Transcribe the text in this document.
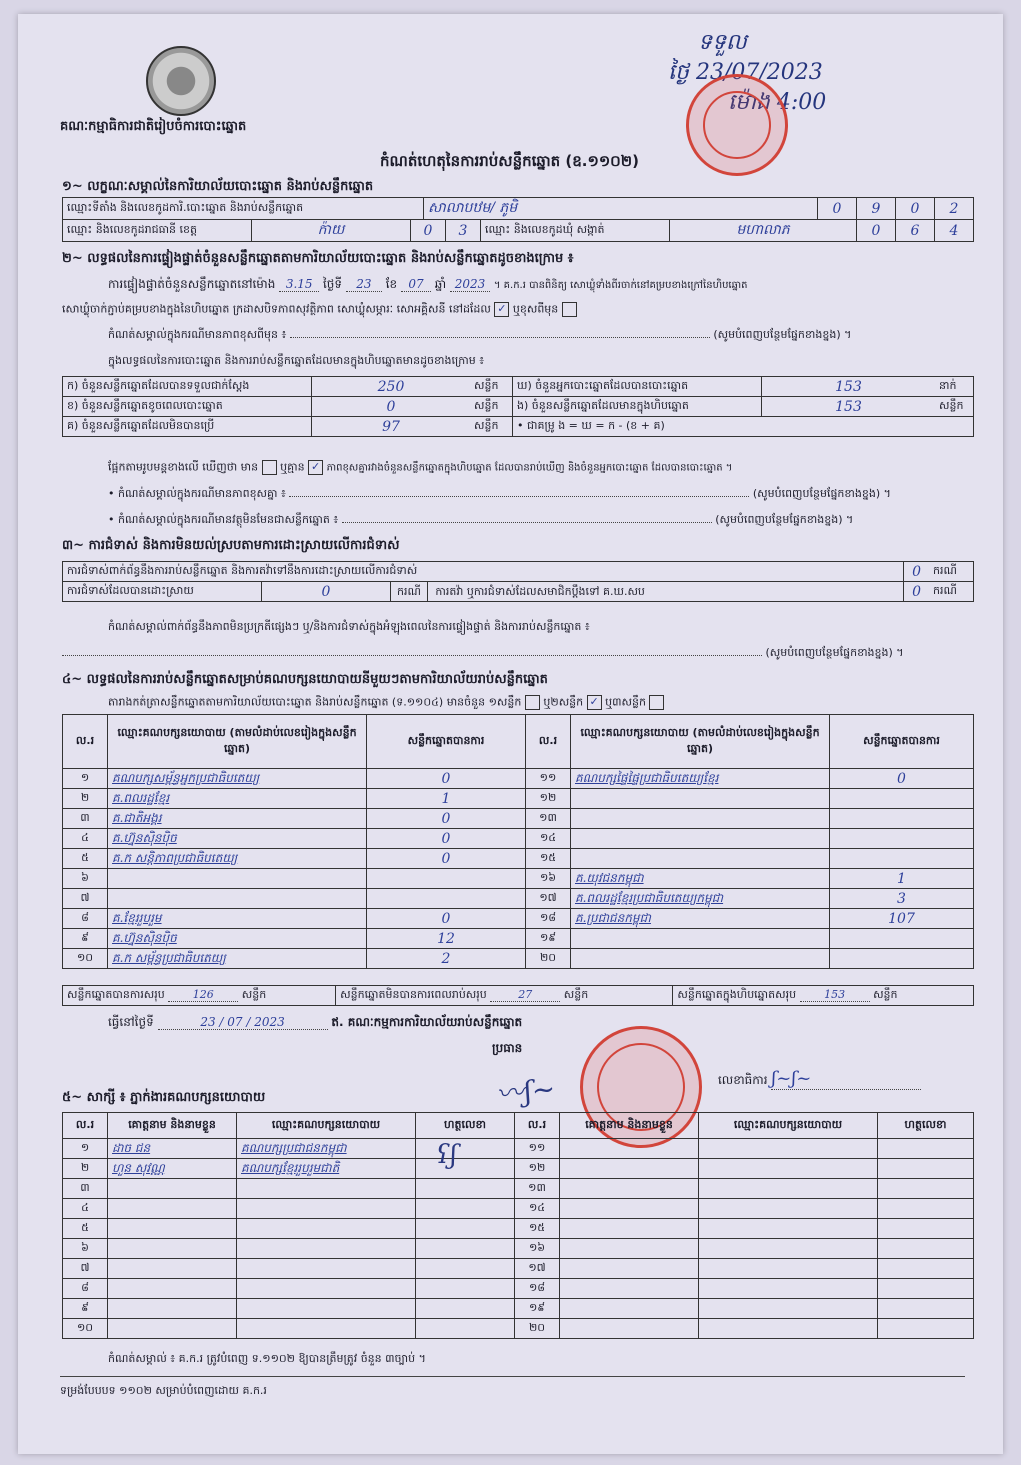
គណៈកម្មាធិការជាតិរៀបចំការបោះឆ្នោត
ទទួល
ថ្ងៃ 23/07/2023
ម៉ោង 4:00
កំណត់ហេតុនៃការរាប់សន្លឹកឆ្នោត (ឧ.១១០២)
១~ លក្ខណៈសម្គាល់នៃការិយាល័យបោះឆ្នោត និងរាប់សន្លឹកឆ្នោត
ឈ្មោះទីតាំង និងលេខកូដការិ.បោះឆ្នោត និងរាប់សន្លឹកឆ្នោត	សាលាបឋម/ ភូមិ	0	9	0	2
ឈ្មោះ និងលេខកូដរាជធានី ខេត្ត	ក៉ាយ	0	3	ឈ្មោះ និងលេខកូដឃុំ សង្កាត់	មហាលាភ	0	6	4
២~ លទ្ធផលនៃការផ្ទៀងផ្ទាត់ចំនួនសន្លឹកឆ្នោតតាមការិយាល័យបោះឆ្នោត និងរាប់សន្លឹកឆ្នោតដូចខាងក្រោម ៖
ការផ្ទៀងផ្ទាត់ចំនួនសន្លឹកឆ្នោតនៅម៉ោង 3.15 ថ្ងៃទី 23 ខែ 07 ឆ្នាំ 2023 ។ គ.ក.រ បានពិនិត្យ សោឃ្លុំទាំងពីរចាក់នៅគម្របខាងក្រៅនៃហិបឆ្នោត
សោឃ្លុំចាក់ភ្ជាប់គម្របខាងក្នុងនៃហិបឆ្នោត ក្រដាសបិទភាពសុវត្ថិភាព សោឃ្លុំសម្ភារៈ សោអគ្គិសនី នៅដដែល ✓ ឬខុសពីមុន
កំណត់សម្គាល់ក្នុងករណីមានភាពខុសពីមុន ៖	(សូមបំពេញបន្ថែមផ្នែកខាងខ្នង) ។
ក្នុងលទ្ធផលនៃការបោះឆ្នោត និងការរាប់សន្លឹកឆ្នោតដែលមានក្នុងហិបឆ្នោតមានដូចខាងក្រោម ៖
ក) ចំនួនសន្លឹកឆ្នោតដែលបានទទួលជាក់ស្តែង	250	សន្លឹក	ឃ) ចំនួនអ្នកបោះឆ្នោតដែលបានបោះឆ្នោត	153	នាក់
ខ) ចំនួនសន្លឹកឆ្នោតខូចពេលបោះឆ្នោត	0	សន្លឹក	ង) ចំនួនសន្លឹកឆ្នោតដែលមានក្នុងហិបឆ្នោត	153	សន្លឹក
គ) ចំនួនសន្លឹកឆ្នោតដែលមិនបានប្រើ	97	សន្លឹក	• ជាគម្រូ ង = ឃ = ក - (ខ + គ)		
ផ្អែកតាមរូបមន្តខាងលើ ឃើញថា មាន ឬគ្មាន ✓ ភាពខុសគ្នារវាងចំនួនសន្លឹកឆ្នោតក្នុងហិបឆ្នោត ដែលបានរាប់ឃើញ និងចំនួនអ្នកបោះឆ្នោត ដែលបានបោះឆ្នោត ។
• កំណត់សម្គាល់ក្នុងករណីមានភាពខុសគ្នា ៖	(សូមបំពេញបន្ថែមផ្នែកខាងខ្នង) ។
• កំណត់សម្គាល់ក្នុងករណីមានវត្ថុមិនមែនជាសន្លឹកឆ្នោត ៖	(សូមបំពេញបន្ថែមផ្នែកខាងខ្នង) ។
៣~ ការជំទាស់ និងការមិនយល់ស្របតាមការដោះស្រាយលើការជំទាស់
ការជំទាស់ពាក់ព័ន្ធនឹងការរាប់សន្លឹកឆ្នោត និងការតវ៉ាទៅនឹងការដោះស្រាយលើការជំទាស់			0	ករណី
ការជំទាស់ដែលបានដោះស្រាយ	0	ករណី ការតវ៉ា ឬការជំទាស់ដែលសមាជិកប្ដឹងទៅ គ.ឃ.សប	0	ករណី
កំណត់សម្គាល់ពាក់ព័ន្ធនឹងភាពមិនប្រក្រតីផ្សេងៗ ឬ/និងការជំទាស់ក្នុងអំឡុងពេលនៃការផ្ទៀងផ្ទាត់ និងការរាប់សន្លឹកឆ្នោត ៖
(សូមបំពេញបន្ថែមផ្នែកខាងខ្នង) ។
៤~ លទ្ធផលនៃការរាប់សន្លឹកឆ្នោតសម្រាប់គណបក្សនយោបាយនីមួយៗតាមការិយាល័យរាប់សន្លឹកឆ្នោត
តារាងកត់ត្រាសន្លឹកឆ្នោតតាមការិយាល័យបោះឆ្នោត និងរាប់សន្លឹកឆ្នោត (ទ.១១០៤) មានចំនួន ១សន្លឹក ឬ២សន្លឹក ✓ ឬ៣សន្លឹក
ល.រ	ឈ្មោះគណបក្សនយោបាយ (តាមលំដាប់លេខរៀងក្នុងសន្លឹកឆ្នោត)	សន្លឹកឆ្នោតបានការ	ល.រ	ឈ្មោះគណបក្សនយោបាយ (តាមលំដាប់លេខរៀងក្នុងសន្លឹកឆ្នោត)	សន្លឹកឆ្នោតបានការ
១	គណបក្សសម្ព័ន្ធអ្នកប្រជាធិបតេយ្យ	0	១១	គណបក្សផ្ទៃផ្ទៃប្រជាធិបតេយ្យខ្មែរ	0
២	គ.ពលរដ្ឋខ្មែរ	1	១២		
៣	គ.ជាតិអង្គរ	0	១៣		
៤	គ.ហ្វ៊ុនស៊ិនប៉ិច	0	១៤		
៥	គ.ក សន្តិភាពប្រជាធិបតេយ្យ	0	១៥		
៦			១៦	គ.យុវជនកម្ពុជា	1
៧			១៧	គ.ពលរដ្ឋខ្មែរប្រជាធិបតេយ្យកម្ពុជា	3
៨	គ.ខ្មែររួបរួម	0	១៨	គ.ប្រជាជនកម្ពុជា	107
៩	គ.ហ្វ៊ុនស៊ិនប៉ិច	12	១៩		
១០	គ.ក សម្ព័ន្ធប្រជាធិបតេយ្យ	2	២០		
សន្លឹកឆ្នោតបានការសរុប	126	សន្លឹក	សន្លឹកឆ្នោតមិនបានការពេលរាប់សរុប	27	សន្លឹក	សន្លឹកឆ្នោតក្នុងហិបឆ្នោតសរុប	153	សន្លឹក
ធ្វើនៅថ្ងៃទី	23 / 07 / 2023	ឥ. គណៈកម្មការការិយាល័យរាប់សន្លឹកឆ្នោត
ប្រធាន
〰ʃ~	លេខាធិការ ʃ~ʃ~
៥~ សាក្សី ៖ ភ្នាក់ងារគណបក្សនយោបាយ
ល.រ	គោត្តនាម និងនាមខ្លួន	ឈ្មោះគណបក្សនយោបាយ	ហត្ថលេខា	ល.រ	គោត្តនាម និងនាមខ្លួន	ឈ្មោះគណបក្សនយោបាយ	ហត្ថលេខា
១	ដាច ជន	គណបក្សប្រជាជនកម្ពុជា		១១			
២	ហួន សុវណ្ណ	គណបក្សខ្មែររួបរួមជាតិ		១២			
៣				១៣			
៤				១៤			
៥				១៥			
៦				១៦			
៧				១៧			
៨				១៨			
៩				១៩			
១០				២០			
ʕʃ
កំណត់សម្គាល់ ៖ គ.ក.រ ត្រូវបំពេញ ទ.១១០២ ឱ្យបានត្រឹមត្រូវ ចំនួន ៣ច្បាប់ ។
ទម្រង់បែបបទ ១១០២ សម្រាប់បំពេញដោយ គ.ក.រ
